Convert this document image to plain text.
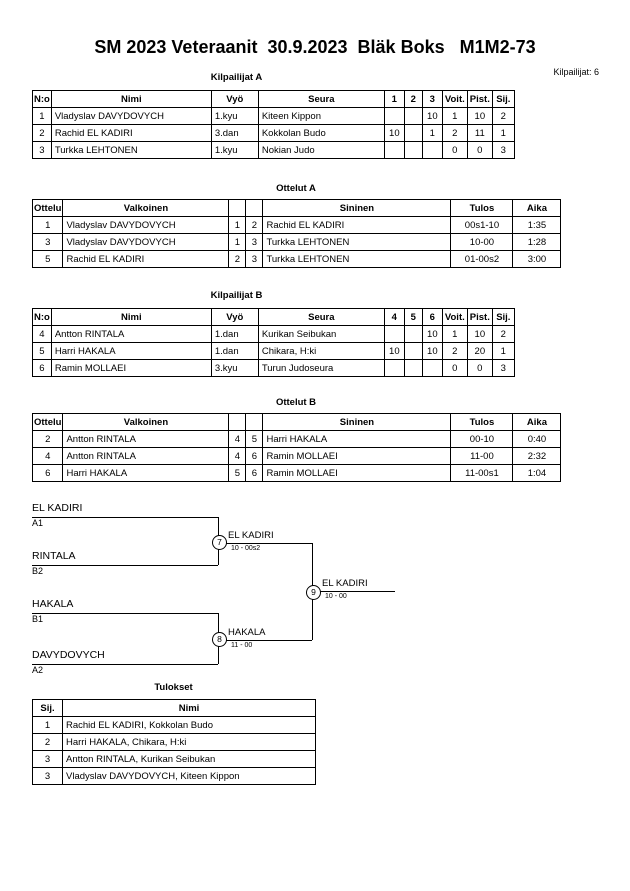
SM 2023 Veteraanit  30.9.2023  Bläk Boks   M1M2-73
Kilpailijat: 6
Kilpailijat A
N:o	Nimi	Vyö	Seura	1	2	3	Voit.	Pist.	Sij.
1	Vladyslav DAVYDOVYCH	1.kyu	Kiteen Kippon			10	1	10	2
2	Rachid EL KADIRI	3.dan	Kokkolan Budo	10		1	2	11	1
3	Turkka LEHTONEN	1.kyu	Nokian Judo				0	0	3
Ottelut A
Ottelu	Valkoinen			Sininen	Tulos	Aika
1	Vladyslav DAVYDOVYCH	1	2	Rachid EL KADIRI	00s1-10	1:35
3	Vladyslav DAVYDOVYCH	1	3	Turkka LEHTONEN	10-00	1:28
5	Rachid EL KADIRI	2	3	Turkka LEHTONEN	01-00s2	3:00
Kilpailijat B
N:o	Nimi	Vyö	Seura	4	5	6	Voit.	Pist.	Sij.
4	Antton RINTALA	1.dan	Kurikan Seibukan			10	1	10	2
5	Harri HAKALA	1.dan	Chikara, H:ki	10		10	2	20	1
6	Ramin MOLLAEI	3.kyu	Turun Judoseura				0	0	3
Ottelut B
Ottelu	Valkoinen			Sininen	Tulos	Aika
2	Antton RINTALA	4	5	Harri HAKALA	00-10	0:40
4	Antton RINTALA	4	6	Ramin MOLLAEI	11-00	2:32
6	Harri HAKALA	5	6	Ramin MOLLAEI	11-00s1	1:04
EL KADIRI
A1
RINTALA
B2
7
EL KADIRI
10 - 00s2
HAKALA
B1
DAVYDOVYCH
A2
8
HAKALA
11 - 00
9
EL KADIRI
10 - 00
Tulokset
Sij.	Nimi
1	Rachid EL KADIRI, Kokkolan Budo
2	Harri HAKALA, Chikara, H:ki
3	Antton RINTALA, Kurikan Seibukan
3	Vladyslav DAVYDOVYCH, Kiteen Kippon
